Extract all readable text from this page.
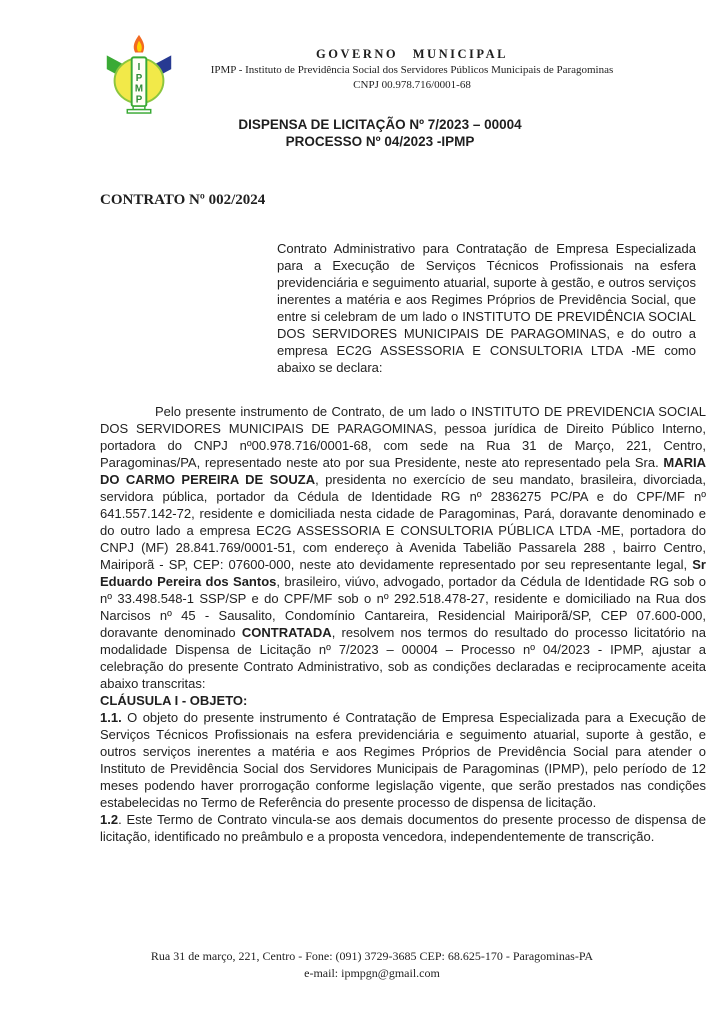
I
P
M
P
GOVERNO MUNICIPAL
IPMP - Instituto de Previdência Social dos Servidores Públicos Municipais de Paragominas
CNPJ 00.978.716/0001-68
DISPENSA DE LICITAÇÃO Nº 7/2023 – 00004
PROCESSO Nº 04/2023 -IPMP
CONTRATO Nº 002/2024

Contrato Administrativo para Contratação de Empresa Especializada para a Execução de Serviços Técnicos Profissionais na esfera previdenciária e seguimento atuarial, suporte à gestão, e outros serviços inerentes a matéria e aos Regimes Próprios de Previdência Social, que entre si celebram de um lado o INSTITUTO DE PREVIDÊNCIA SOCIAL DOS SERVIDORES MUNICIPAIS DE PARAGOMINAS, e do outro a empresa EC2G ASSESSORIA E CONSULTORIA LTDA -ME como abaixo se declara:

Pelo presente instrumento de Contrato, de um lado o INSTITUTO DE PREVIDENCIA SOCIAL DOS SERVIDORES MUNICIPAIS DE PARAGOMINAS, pessoa jurídica de Direito Público Interno, portadora do CNPJ nº00.978.716/0001-68, com sede na Rua 31 de Março, 221, Centro, Paragominas/PA, representado neste ato por sua Presidente, neste ato representado pela Sra. MARIA DO CARMO PEREIRA DE SOUZA, presidenta no exercício de seu mandato, brasileira, divorciada, servidora pública, portador da Cédula de Identidade RG nº 2836275 PC/PA e do CPF/MF nº 641.557.142-72, residente e domiciliada nesta cidade de Paragominas, Pará, doravante denominado e do outro lado a empresa EC2G ASSESSORIA E CONSULTORIA PÚBLICA LTDA -ME, portadora do CNPJ (MF) 28.841.769/0001-51, com endereço à Avenida Tabelião Passarela 288 , bairro Centro, Mairiporã - SP, CEP: 07600-000, neste ato devidamente representado por seu representante legal, Sr Eduardo Pereira dos Santos, brasileiro, viúvo, advogado, portador da Cédula de Identidade RG sob o nº 33.498.548-1 SSP/SP e do CPF/MF sob o nº 292.518.478-27, residente e domiciliado na Rua dos Narcisos nº 45 - Sausalito, Condomínio Cantareira, Residencial Mairiporã/SP, CEP 07.600-000, doravante denominado CONTRATADA, resolvem nos termos do resultado do processo licitatório na modalidade Dispensa de Licitação nº 7/2023 – 00004 – Processo nº 04/2023 - IPMP, ajustar a celebração do presente Contrato Administrativo, sob as condições declaradas e reciprocamente aceita abaixo transcritas:

CLÁUSULA I - OBJETO:

1.1. O objeto do presente instrumento é Contratação de Empresa Especializada para a Execução de Serviços Técnicos Profissionais na esfera previdenciária e seguimento atuarial, suporte à gestão, e outros serviços inerentes a matéria e aos Regimes Próprios de Previdência Social para atender o Instituto de Previdência Social dos Servidores Municipais de Paragominas (IPMP), pelo período de 12 meses podendo haver prorrogação conforme legislação vigente, que serão prestados nas condições estabelecidas no Termo de Referência do presente processo de dispensa de licitação.

1.2. Este Termo de Contrato vincula-se aos demais documentos do presente processo de dispensa de licitação, identificado no preâmbulo e a proposta vencedora, independentemente de transcrição.

Rua 31 de março, 221, Centro - Fone: (091) 3729-3685 CEP: 68.625-170 - Paragominas-PA
e-mail: ipmpgn@gmail.com
